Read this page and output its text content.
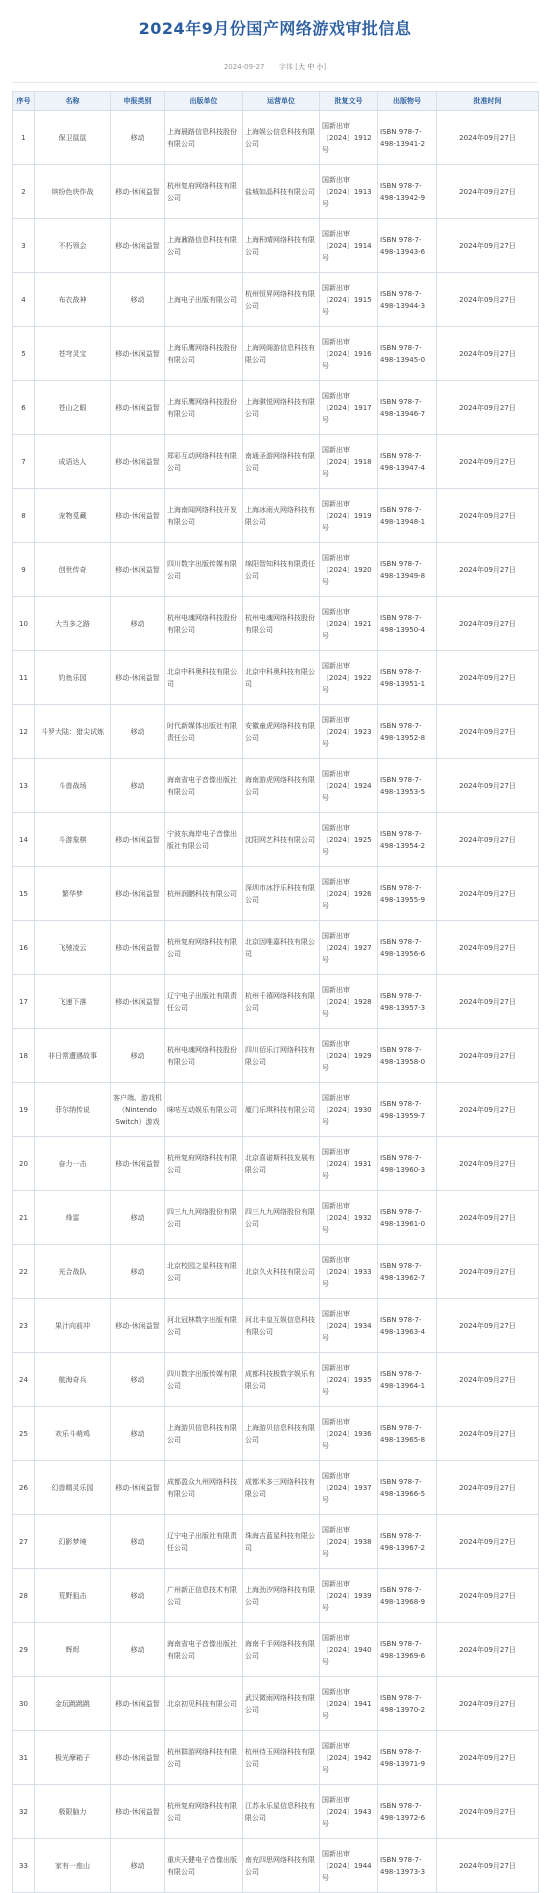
2024年9月份国产网络游戏审批信息
2024-09-27 字体 [大 中 小]
序号	名称	申报类别	出版单位	运营单位	批复文号	出版物号	批准时间
1	保卫鼠鼠	移动	上海晨路信息科技股份有限公司	上海娱公信息科技有限公司	国新出审〔2024〕1912号	ISBN 978-7-498-13941-2	2024年09月27日
2	缤纷色块作战	移动-休闲益智	杭州复府网络科技有限公司	盐城如晶科技有限公司	国新出审〔2024〕1913号	ISBN 978-7-498-13942-9	2024年09月27日
3	不朽领会	移动-休闲益智	上海鼐路信息科技有限公司	上海积晴网络科技有限公司	国新出审〔2024〕1914号	ISBN 978-7-498-13943-6	2024年09月27日
4	布衣战神	移动	上海电子出版有限公司	杭州恒昇网络科技有限公司	国新出审〔2024〕1915号	ISBN 978-7-498-13944-3	2024年09月27日
5	苍穹灵宝	移动-休闲益智	上海乐鹰网络科技股份有限公司	上海网阁游信息科技有限公司	国新出审〔2024〕1916号	ISBN 978-7-498-13945-0	2024年09月27日
6	苍山之眼	移动-休闲益智	上海乐鹰网络科技股份有限公司	上海骐悦网络科技有限公司	国新出审〔2024〕1917号	ISBN 978-7-498-13946-7	2024年09月27日
7	成语达人	移动-休闲益智	郑彩互动网络科技有限公司	南通圣游网络科技有限公司	国新出审〔2024〕1918号	ISBN 978-7-498-13947-4	2024年09月27日
8	宠物觅藏	移动-休闲益智	上海南闻网络科技开发有限公司	上海冰雨火网络科技有限公司	国新出审〔2024〕1919号	ISBN 978-7-498-13948-1	2024年09月27日
9	创世传奇	移动-休闲益智	四川数字出版传媒有限公司	绵阳智知科技有限责任公司	国新出审〔2024〕1920号	ISBN 978-7-498-13949-8	2024年09月27日
10	大当多之路	移动	杭州电魂网络科技股份有限公司	杭州电魂网络科技股份有限公司	国新出审〔2024〕1921号	ISBN 978-7-498-13950-4	2024年09月27日
11	钓鱼乐园	移动-休闲益智	北京中科奥科技有限公司	北京中科奥科技有限公司	国新出审〔2024〕1922号	ISBN 978-7-498-13951-1	2024年09月27日
12	斗罗大陆：猎尖试炼	移动	时代新媒体出版社有限责任公司	安徽童虎网络科技有限公司	国新出审〔2024〕1923号	ISBN 978-7-498-13952-8	2024年09月27日
13	斗兽战场	移动	海南省电子音像出版社有限公司	海南游虎网络科技有限公司	国新出审〔2024〕1924号	ISBN 978-7-498-13953-5	2024年09月27日
14	斗游象棋	移动-休闲益智	宁波东海岸电子音像出版社有限公司	沈阳网艺科技有限公司	国新出审〔2024〕1925号	ISBN 978-7-498-13954-2	2024年09月27日
15	繁华梦	移动-休闲益智	杭州润鹏科技有限公司	深圳市冰抒乐科技有限公司	国新出审〔2024〕1926号	ISBN 978-7-498-13955-9	2024年09月27日
16	飞驰凌云	移动-休闲益智	杭州复府网络科技有限公司	北京因唯嘉科技有限公司	国新出审〔2024〕1927号	ISBN 978-7-498-13956-6	2024年09月27日
17	飞速下落	移动-休闲益智	辽宁电子出版社有限责任公司	杭州千禧网络科技有限公司	国新出审〔2024〕1928号	ISBN 978-7-498-13957-3	2024年09月27日
18	非日常遭遇故事	移动	杭州电魂网络科技股份有限公司	四川佰乐汀网络科技有限公司	国新出审〔2024〕1929号	ISBN 978-7-498-13958-0	2024年09月27日
19	菲尔纳传说	客户端、游戏机（Nintendo Switch）游戏	咪咕互动娱乐有限公司	厦门乐琪科技有限公司	国新出审〔2024〕1930号	ISBN 978-7-498-13959-7	2024年09月27日
20	奋力一击	移动-休闲益智	杭州复府网络科技有限公司	北京喜诺斯科技发展有限公司	国新出审〔2024〕1931号	ISBN 978-7-498-13960-3	2024年09月27日
21	烽雷	移动	四三九九网络股份有限公司	四三九九网络股份有限公司	国新出审〔2024〕1932号	ISBN 978-7-498-13961-0	2024年09月27日
22	光合战队	移动	北京校园之星科技有限公司	北京久火科技有限公司	国新出审〔2024〕1933号	ISBN 978-7-498-13962-7	2024年09月27日
23	果汁向前冲	移动-休闲益智	河北冠林数字出版有限公司	河北丰皇互娱信息科技有限公司	国新出审〔2024〕1934号	ISBN 978-7-498-13963-4	2024年09月27日
24	航海奇兵	移动	四川数字出版传媒有限公司	成都科技极数字娱乐有限公司	国新出审〔2024〕1935号	ISBN 978-7-498-13964-1	2024年09月27日
25	欢乐斗萌鸡	移动	上海游贝信息科技有限公司	上海游贝信息科技有限公司	国新出审〔2024〕1936号	ISBN 978-7-498-13965-8	2024年09月27日
26	幻兽精灵乐园	移动-休闲益智	成都盈众九州网络科技有限公司	成都米多三网络科技有限公司	国新出审〔2024〕1937号	ISBN 978-7-498-13966-5	2024年09月27日
27	幻影梦境	移动	辽宁电子出版社有限责任公司	珠海吉蓝星科技有限公司	国新出审〔2024〕1938号	ISBN 978-7-498-13967-2	2024年09月27日
28	荒野狙击	移动	广州新正信息技术有限公司	上海劲汐网络科技有限公司	国新出审〔2024〕1939号	ISBN 978-7-498-13968-9	2024年09月27日
29	辉烬	移动	海南省电子音像出版社有限公司	海南千手网络科技有限公司	国新出审〔2024〕1940号	ISBN 978-7-498-13969-6	2024年09月27日
30	金玩跳跳跳	移动-休闲益智	北京初见科技有限公司	武汉微雨网络科技有限公司	国新出审〔2024〕1941号	ISBN 978-7-498-13970-2	2024年09月27日
31	极光摩箱子	移动-休闲益智	杭州群游网络科技有限公司	杭州待玉网络科技有限公司	国新出审〔2024〕1942号	ISBN 978-7-498-13971-9	2024年09月27日
32	极限脑力	移动-休闲益智	杭州复府网络科技有限公司	江苏永乐星信息科技有限公司	国新出审〔2024〕1943号	ISBN 978-7-498-13972-6	2024年09月27日
33	家有一座山	移动	重庆天健电子音像出版有限公司	南充四思网络科技有限公司	国新出审〔2024〕1944号	ISBN 978-7-498-13973-3	2024年09月27日
